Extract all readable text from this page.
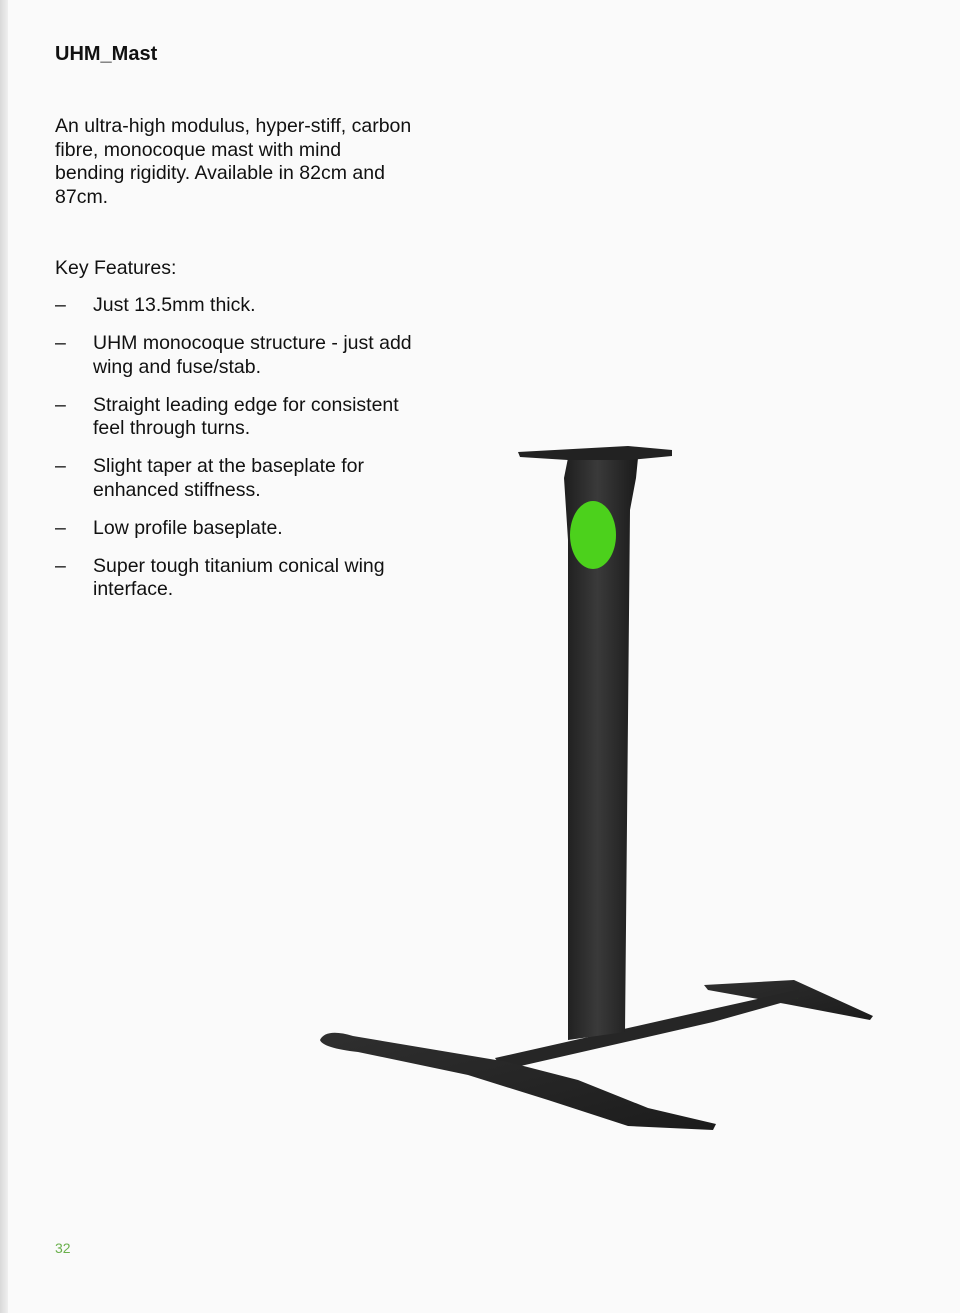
UHM_Mast

An ultra-high modulus, hyper-stiff, carbon fibre, monocoque mast with mind bending rigidity. Available in 82cm and 87cm.

Key Features:

– Just 13.5mm thick.
– UHM monocoque structure - just add wing and fuse/stab.
– Straight leading edge for consistent feel through turns.
– Slight taper at the baseplate for enhanced stiffness.
– Low profile baseplate.
– Super tough titanium conical wing interface.

32
